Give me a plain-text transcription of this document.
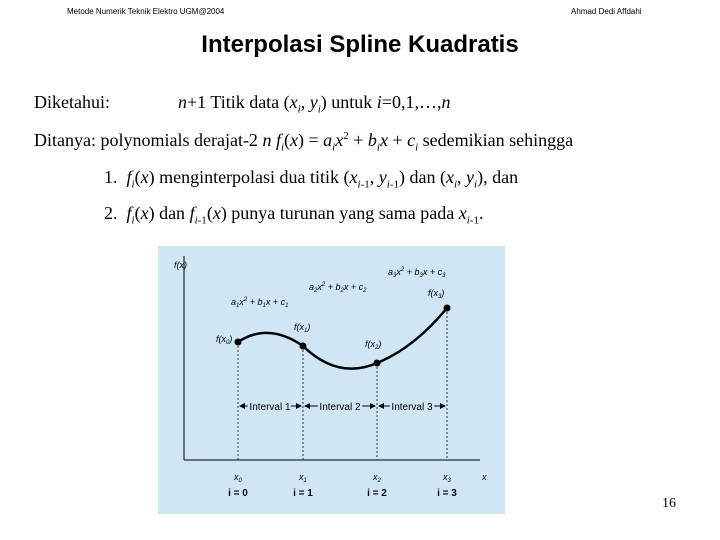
Metode Numerik Teknik Elektro UGM@2004	Ahmad Dedi Affdahi
Interpolasi Spline Kuadratis
Diketahui:	n+1 Titik data ($x_i$, $y_i$) untuk i=0,1,…,n
Ditanya: polynomials derajat-2 n $f_i(x) = a_ix^2 + b_ix + c_i$ sedemikian sehingga
1.  $f_i(x)$ menginterpolasi dua titik ($x_{i-1}$, $y_{i-1}$) dan ($x_i$, $y_i$), dan
2.  $f_i(x)$ dan $f_{i-1}(x)$ punya turunan yang sama pada $x_{i-1}$.
f(x)
x
$a_1x^2 + b_1x + c_1$
$a_2x^2 + b_2x + c_2$
$a_3x^2 + b_3x + c_3$
$f(x_0)$
$f(x_1)$
$f(x_2)$
$f(x_3)$
Interval 1	Interval 2	Interval 3
$x_0$	$x_1$	$x_2$	$x_3$
i = 0	i = 1	i = 2	i = 3
16
